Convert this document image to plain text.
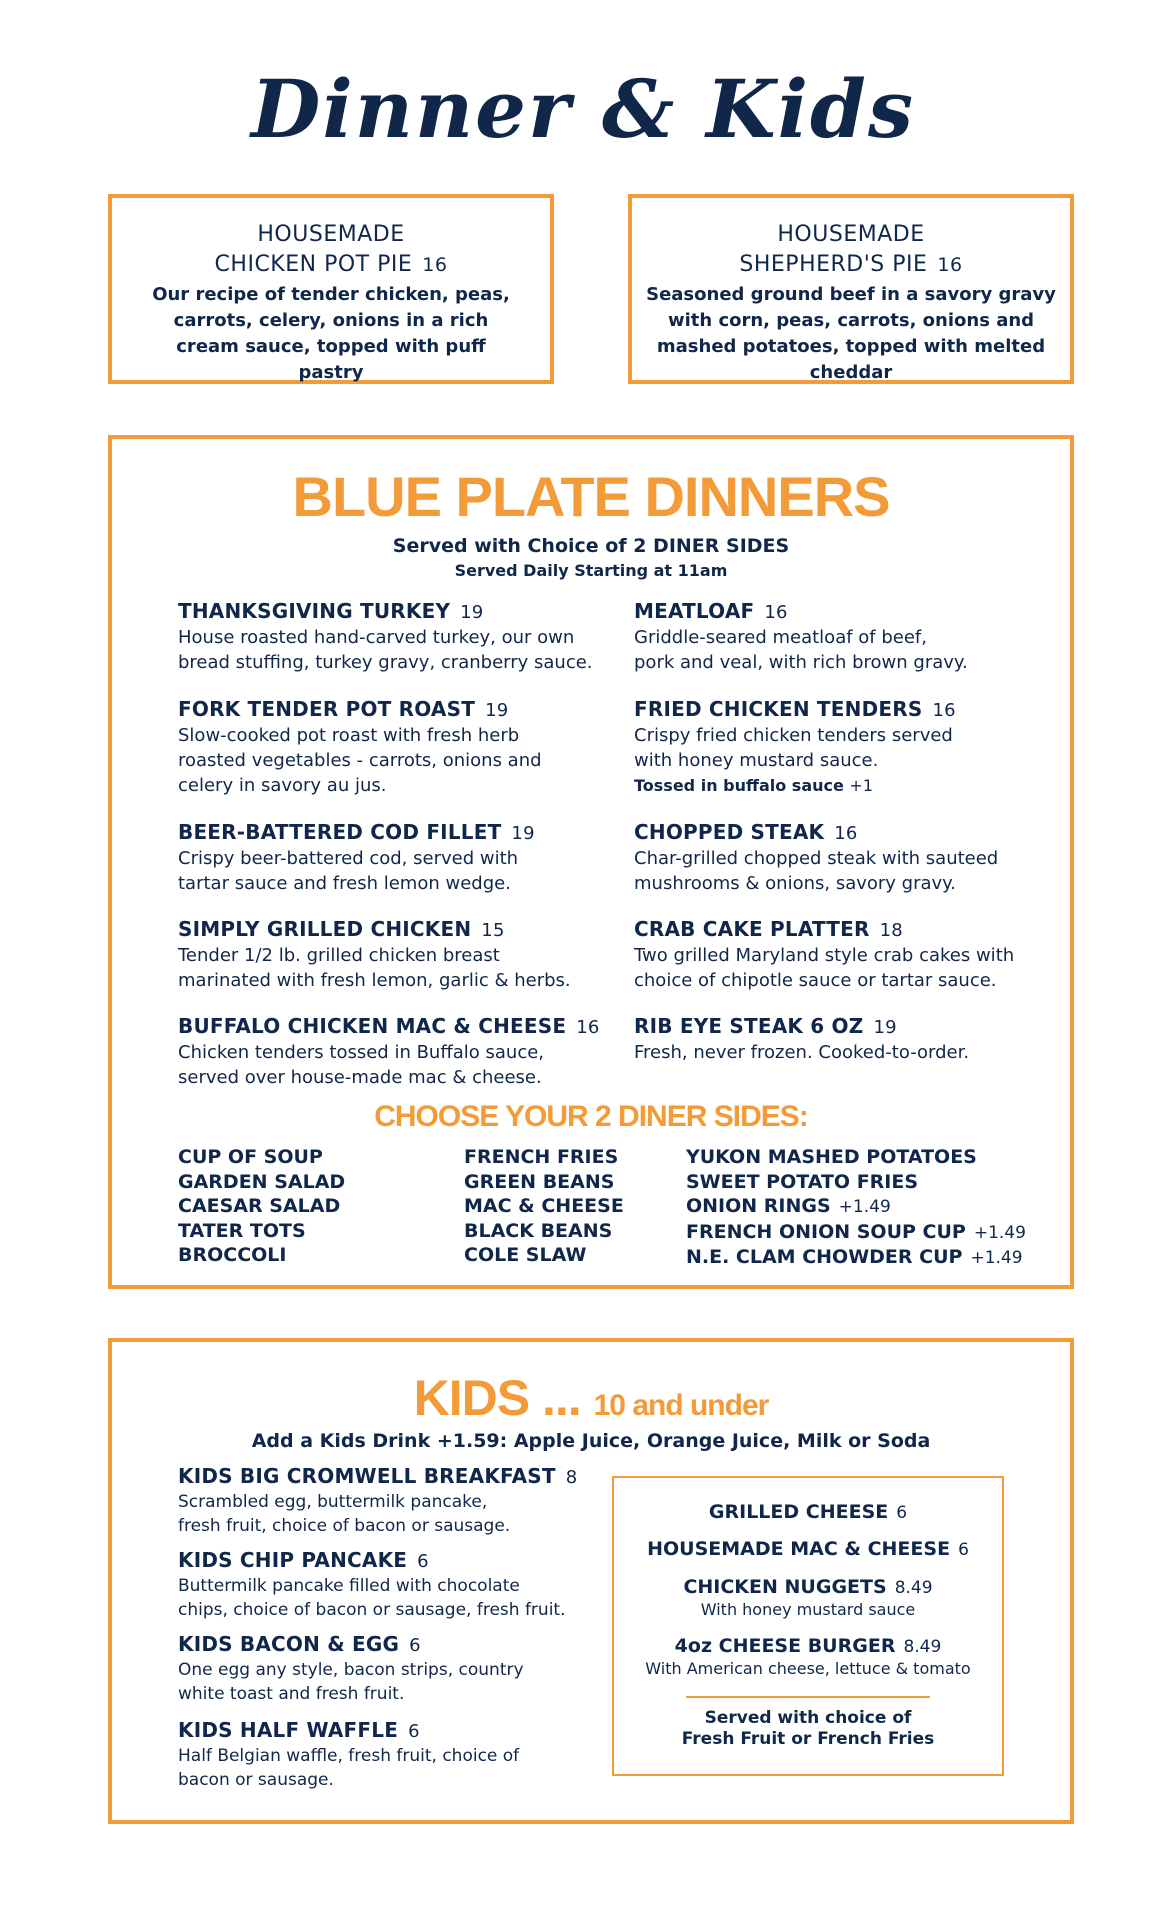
Dinner & Kids
HOUSEMADE
CHICKEN POT PIE 16
Our recipe of tender chicken, peas, carrots, celery, onions in a rich cream sauce, topped with puff pastry
HOUSEMADE
SHEPHERD'S PIE 16
Seasoned ground beef in a savory gravy with corn, peas, carrots, onions and mashed potatoes, topped with melted cheddar
BLUE PLATE DINNERS
Served with Choice of 2 DINER SIDES
Served Daily Starting at 11am
THANKSGIVING TURKEY 19
House roasted hand-carved turkey, our own
bread stuffing, turkey gravy, cranberry sauce.
MEATLOAF 16
Griddle-seared meatloaf of beef,
pork and veal, with rich brown gravy.
FORK TENDER POT ROAST 19
Slow-cooked pot roast with fresh herb
roasted vegetables - carrots, onions and
celery in savory au jus.
FRIED CHICKEN TENDERS 16
Crispy fried chicken tenders served
with honey mustard sauce.
Tossed in buffalo sauce +1
BEER-BATTERED COD FILLET 19
Crispy beer-battered cod, served with
tartar sauce and fresh lemon wedge.
CHOPPED STEAK 16
Char-grilled chopped steak with sauteed
mushrooms & onions, savory gravy.
SIMPLY GRILLED CHICKEN 15
Tender 1/2 lb. grilled chicken breast
marinated with fresh lemon, garlic & herbs.
CRAB CAKE PLATTER 18
Two grilled Maryland style crab cakes with
choice of chipotle sauce or tartar sauce.
BUFFALO CHICKEN MAC & CHEESE 16
Chicken tenders tossed in Buffalo sauce,
served over house-made mac & cheese.
RIB EYE STEAK 6 OZ 19
Fresh, never frozen. Cooked-to-order.
CHOOSE YOUR 2 DINER SIDES:
CUP OF SOUP
GARDEN SALAD
CAESAR SALAD
TATER TOTS
BROCCOLI
FRENCH FRIES
GREEN BEANS
MAC & CHEESE
BLACK BEANS
COLE SLAW
YUKON MASHED POTATOES
SWEET POTATO FRIES
ONION RINGS +1.49
FRENCH ONION SOUP CUP +1.49
N.E. CLAM CHOWDER CUP +1.49
KIDS ... 10 and under
Add a Kids Drink +1.59: Apple Juice, Orange Juice, Milk or Soda
KIDS BIG CROMWELL BREAKFAST 8
Scrambled egg, buttermilk pancake,
fresh fruit, choice of bacon or sausage.
KIDS CHIP PANCAKE 6
Buttermilk pancake filled with chocolate
chips, choice of bacon or sausage, fresh fruit.
KIDS BACON & EGG 6
One egg any style, bacon strips, country
white toast and fresh fruit.
KIDS HALF WAFFLE 6
Half Belgian waffle, fresh fruit, choice of
bacon or sausage.
GRILLED CHEESE 6
HOUSEMADE MAC & CHEESE 6
CHICKEN NUGGETS 8.49
With honey mustard sauce
4oz CHEESE BURGER 8.49
With American cheese, lettuce & tomato
Served with choice of
Fresh Fruit or French Fries
